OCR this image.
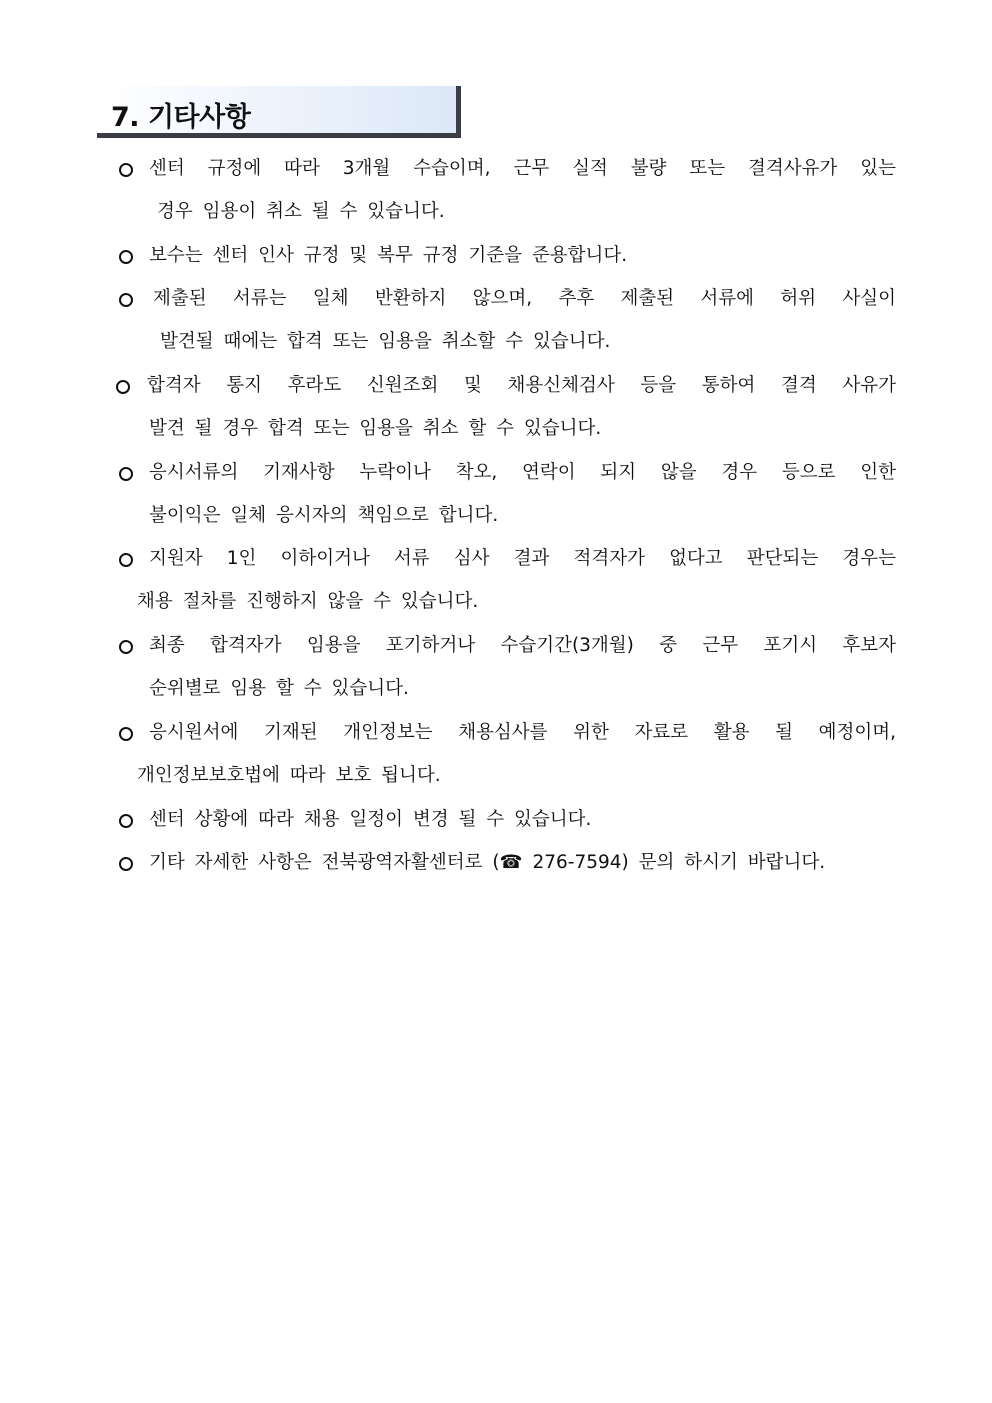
7. 기타사항
센터 규정에 따라 3개월 수습이며, 근무 실적 불량 또는 결격사유가 있는
경우 임용이 취소 될 수 있습니다.
보수는 센터 인사 규정 및 복무 규정 기준을 준용합니다.
제출된 서류는 일체 반환하지 않으며, 추후 제출된 서류에 허위 사실이
발견될 때에는 합격 또는 임용을 취소할 수 있습니다.
합격자 통지 후라도 신원조회 및 채용신체검사 등을 통하여 결격 사유가
발견 될 경우 합격 또는 임용을 취소 할 수 있습니다.
응시서류의 기재사항 누락이나 착오, 연락이 되지 않을 경우 등으로 인한
불이익은 일체 응시자의 책임으로 합니다.
지원자 1인 이하이거나 서류 심사 결과 적격자가 없다고 판단되는 경우는
채용 절차를 진행하지 않을 수 있습니다.
최종 합격자가 임용을 포기하거나 수습기간(3개월) 중 근무 포기시 후보자
순위별로 임용 할 수 있습니다.
응시원서에 기재된 개인정보는 채용심사를 위한 자료로 활용 될 예정이며,
개인정보보호법에 따라 보호 됩니다.
센터 상황에 따라 채용 일정이 변경 될 수 있습니다.
기타 자세한 사항은 전북광역자활센터로 (☎ 276-7594) 문의 하시기 바랍니다.
